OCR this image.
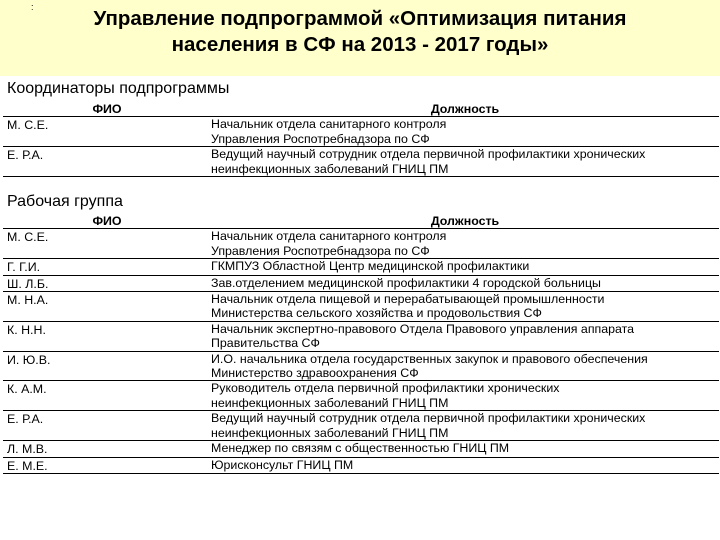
:	Управление подпрограммой «Оптимизация питания
населения в СФ на 2013 - 2017 годы»
Координаторы подпрограммы
ФИО	Должность

М. С.Е.	Начальник отдела санитарного контроля
Управления Роспотребнадзора по СФ

Е. Р.А.	Ведущий научный сотрудник отдела первичной профилактики хронических
неинфекционных заболеваний ГНИЦ ПМ
Рабочая группа
ФИО	Должность

М. С.Е.	Начальник отдела санитарного контроля
Управления Роспотребнадзора по СФ

Г. Г.И.	ГКМПУЗ Областной Центр медицинской профилактики

Ш. Л.Б.	Зав.отделением медицинской профилактики 4 городской больницы

М. Н.А.	Начальник отдела пищевой и перерабатывающей промышленности
Министерства сельского хозяйства и продовольствия СФ

К. Н.Н.	Начальник экспертно-правового Отдела Правового управления аппарата
Правительства СФ

И. Ю.В.	И.О. начальника отдела государственных закупок и правового обеспечения
Министерство здравоохранения СФ

К. А.М.	Руководитель отдела первичной профилактики хронических
неинфекционных заболеваний ГНИЦ ПМ

Е. Р.А.	Ведущий научный сотрудник отдела первичной профилактики хронических
неинфекционных заболеваний ГНИЦ ПМ

Л. М.В.	Менеджер по связям с общественностью ГНИЦ ПМ

Е. М.Е.	Юрисконсульт ГНИЦ ПМ
